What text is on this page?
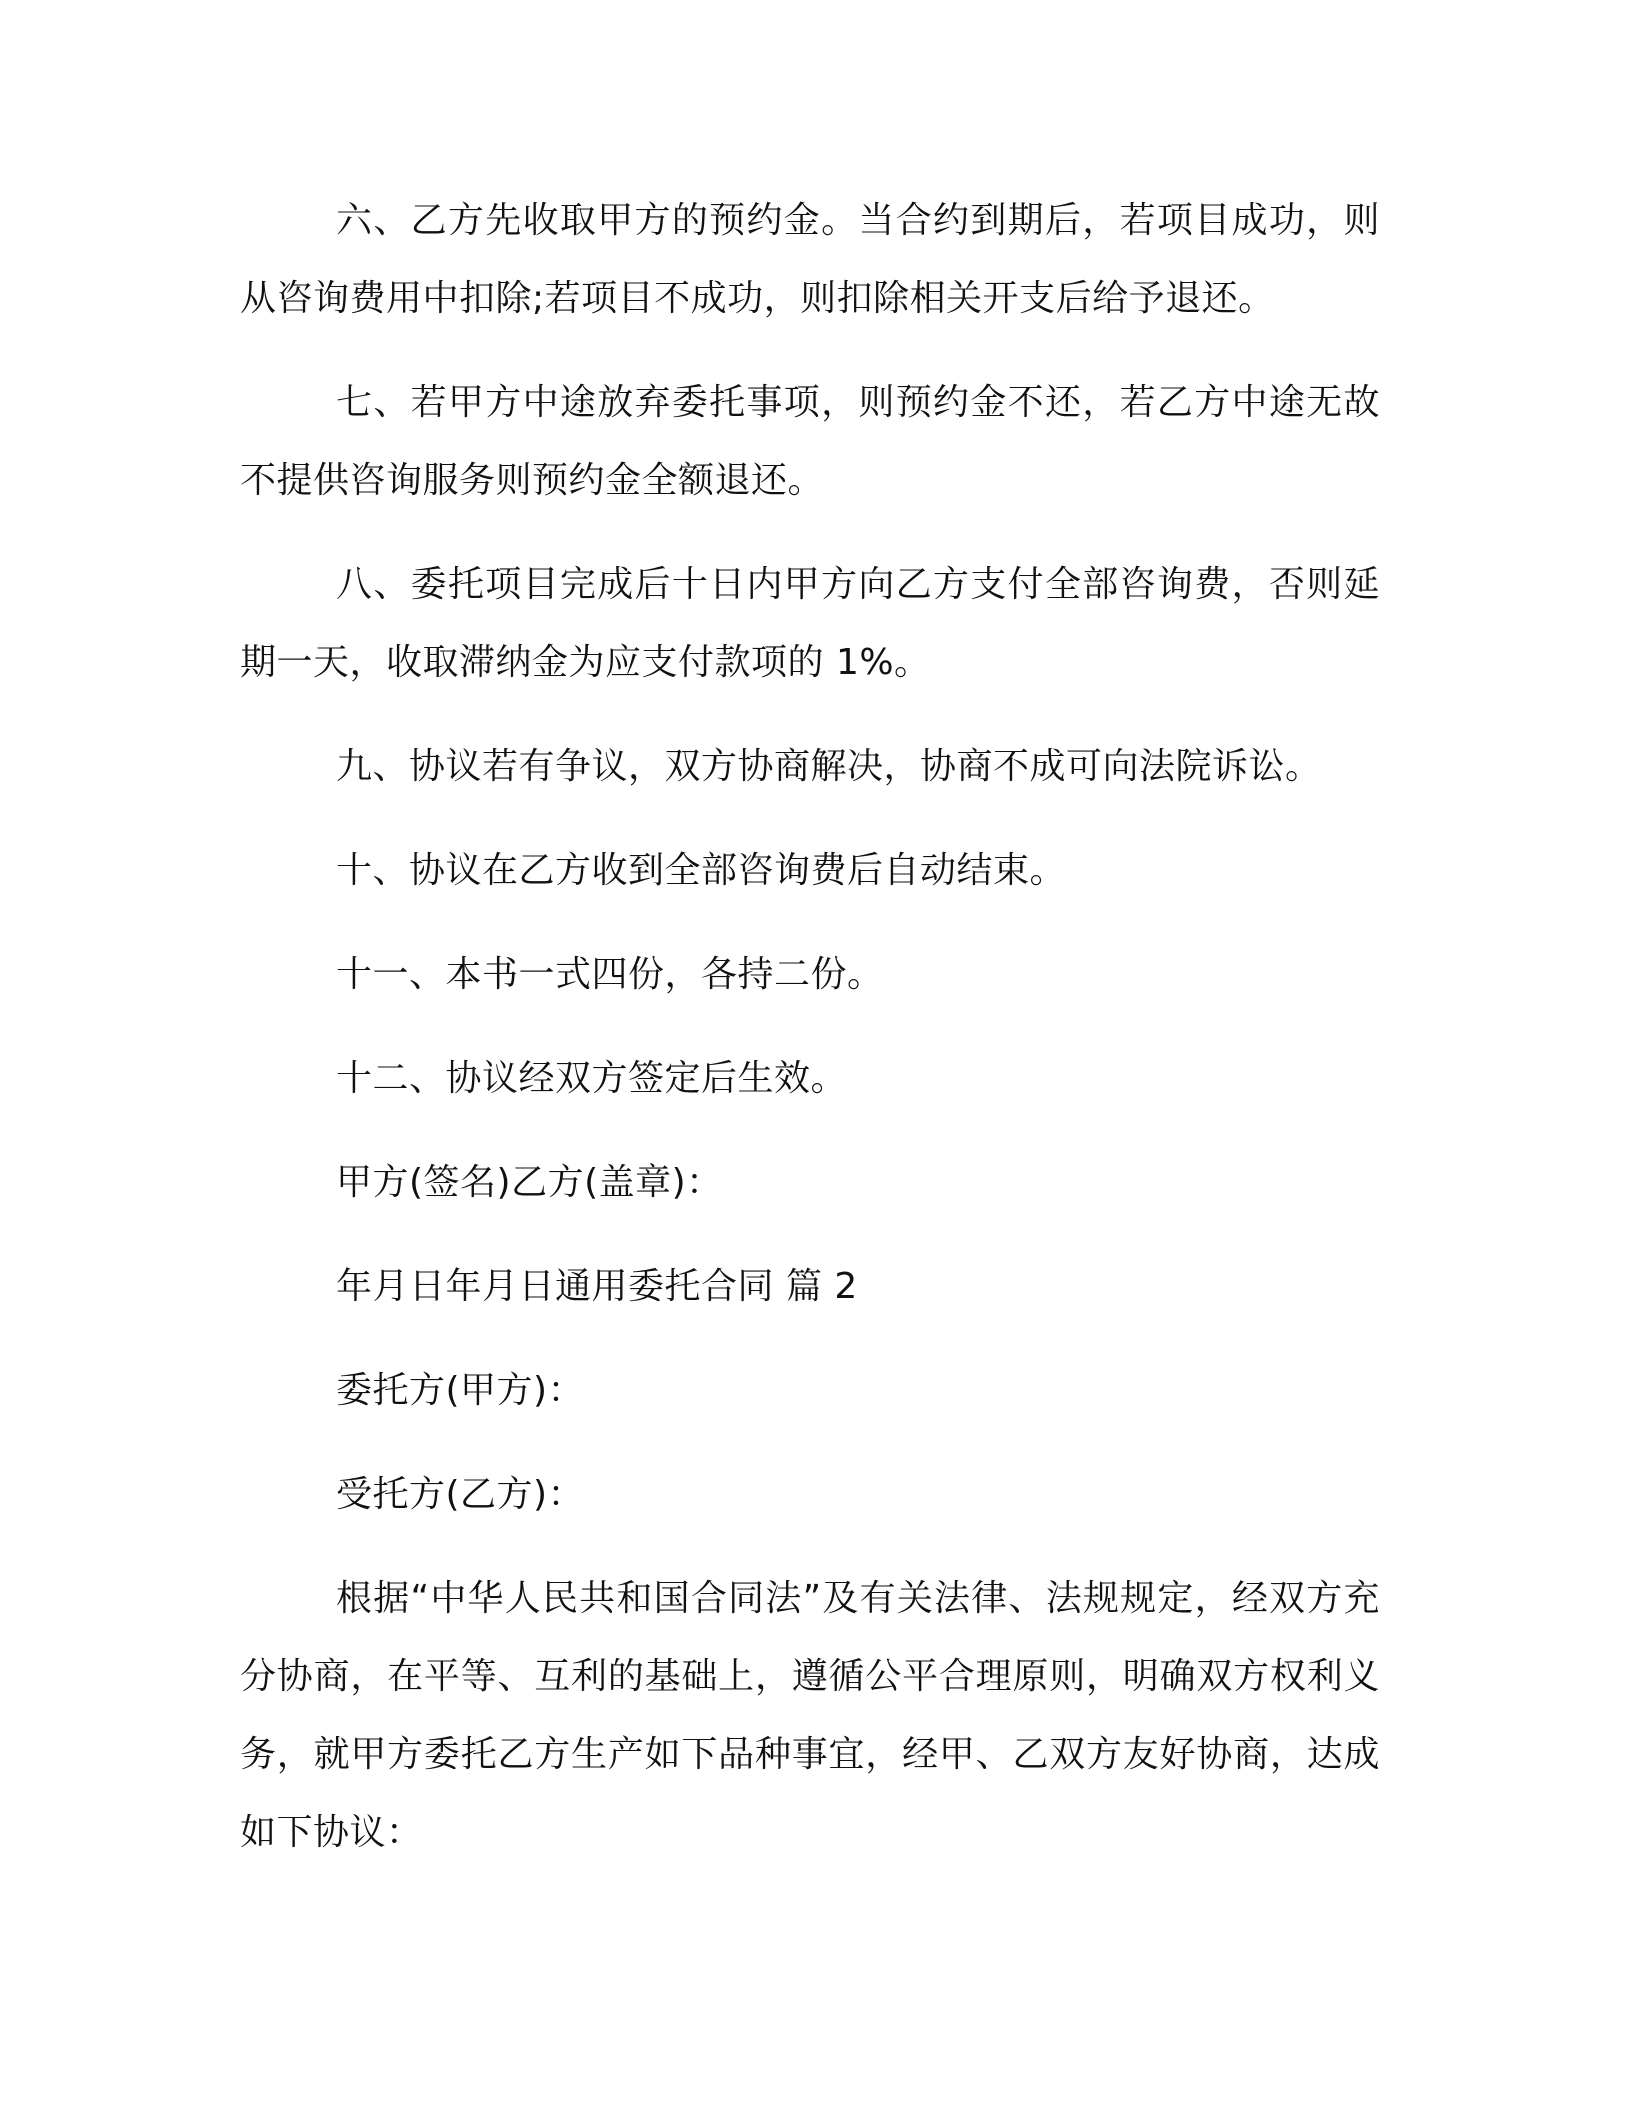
六、乙方先收取甲方的预约金。当合约到期后，若项目成功，则从咨询费用中扣除;若项目不成功，则扣除相关开支后给予退还。

七、若甲方中途放弃委托事项，则预约金不还，若乙方中途无故不提供咨询服务则预约金全额退还。

八、委托项目完成后十日内甲方向乙方支付全部咨询费，否则延期一天，收取滞纳金为应支付款项的 1%。

九、协议若有争议，双方协商解决，协商不成可向法院诉讼。

十、协议在乙方收到全部咨询费后自动结束。

十一、本书一式四份，各持二份。

十二、协议经双方签定后生效。

甲方(签名)乙方(盖章)：

年月日年月日通用委托合同 篇 2

委托方(甲方)：

受托方(乙方)：

根据“中华人民共和国合同法”及有关法律、法规规定，经双方充分协商，在平等、互利的基础上，遵循公平合理原则，明确双方权利义务，就甲方委托乙方生产如下品种事宜，经甲、乙双方友好协商，达成如下协议：
